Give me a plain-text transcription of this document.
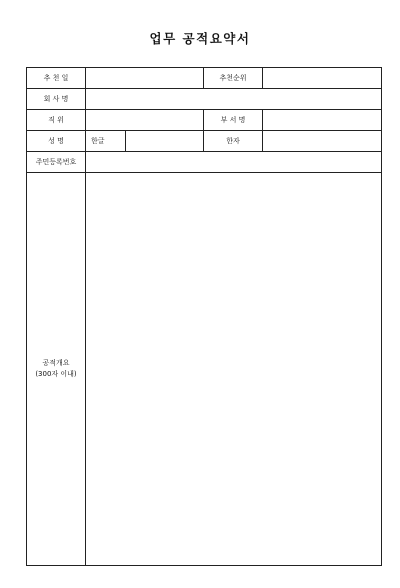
업무 공적요약서
추 천 일			추천순위	
회 사 명				
직 위			부 서 명	
성 명	한글		한자	
주민등록번호				

공적개요
(300자 이내)				
